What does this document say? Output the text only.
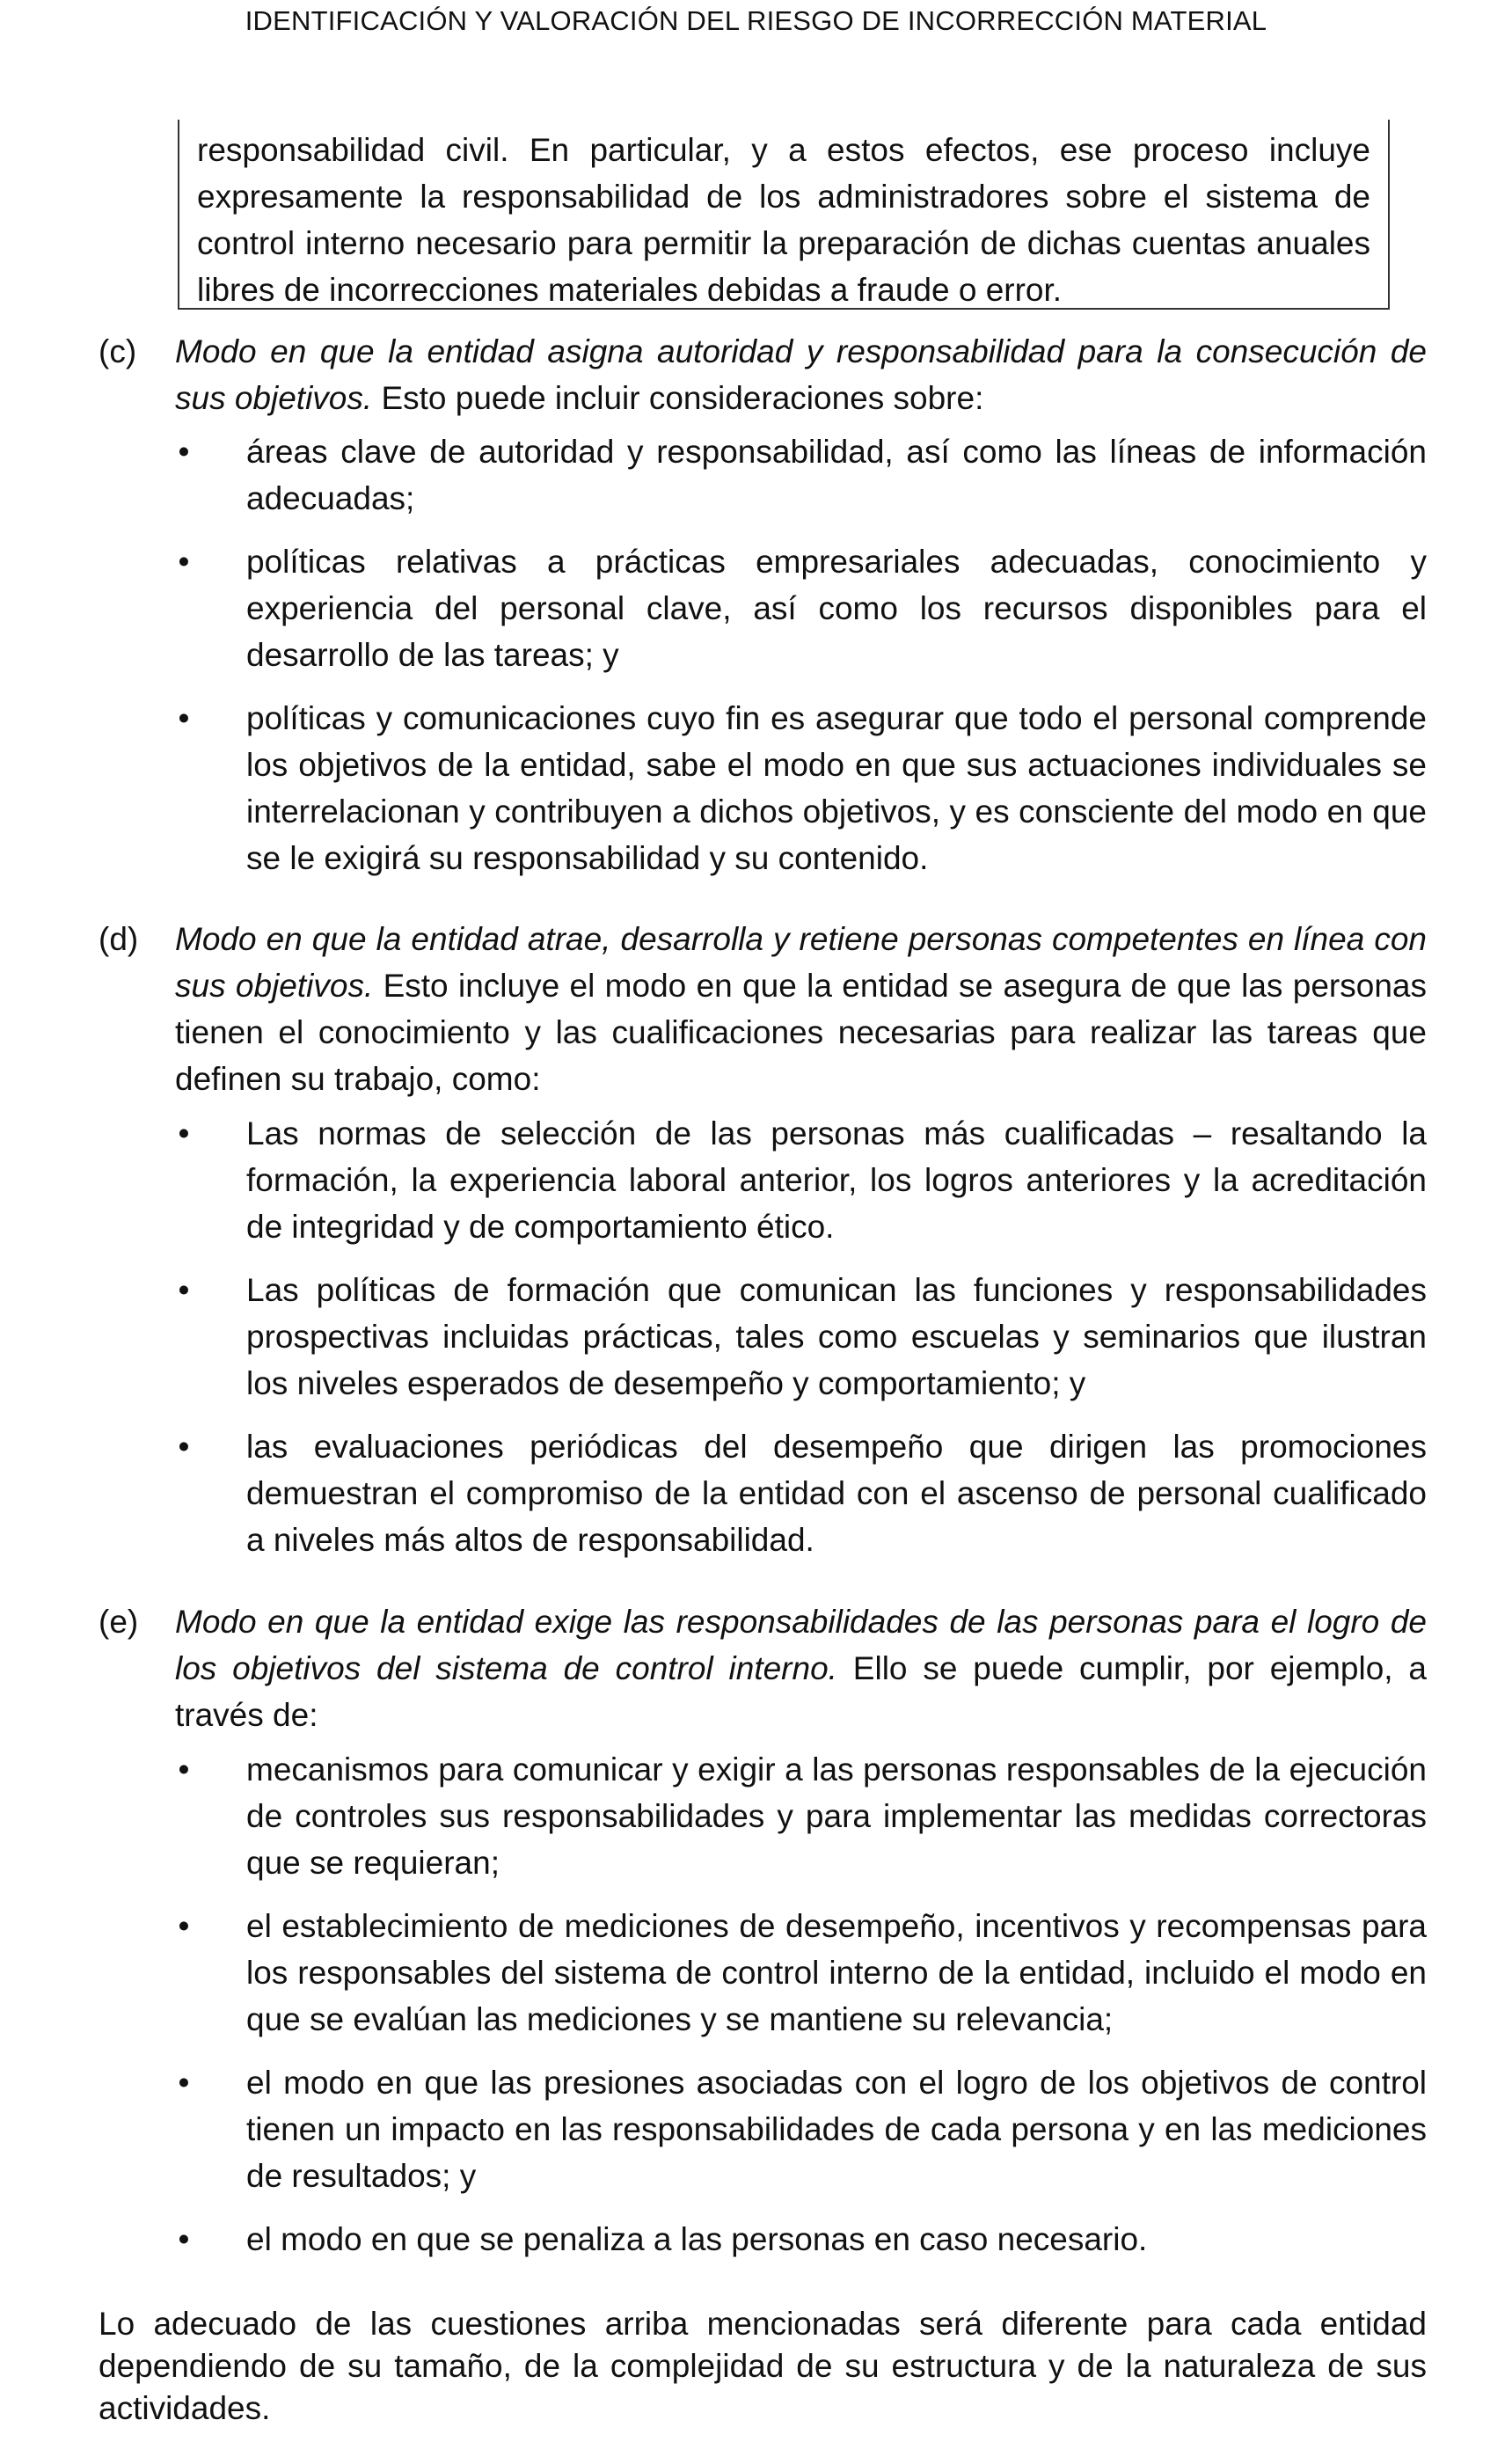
IDENTIFICACIÓN Y VALORACIÓN DEL RIESGO DE INCORRECCIÓN MATERIAL
responsabilidad civil. En particular, y a estos efectos, ese proceso incluye expresamente la responsabilidad de los administradores sobre el sistema de control interno necesario para permitir la preparación de dichas cuentas anuales libres de incorrecciones materiales debidas a fraude o error.
(c) Modo en que la entidad asigna autoridad y responsabilidad para la consecución de sus objetivos. Esto puede incluir consideraciones sobre:
• áreas clave de autoridad y responsabilidad, así como las líneas de información adecuadas;
• políticas relativas a prácticas empresariales adecuadas, conocimiento y experiencia del personal clave, así como los recursos disponibles para el desarrollo de las tareas; y
• políticas y comunicaciones cuyo fin es asegurar que todo el personal comprende los objetivos de la entidad, sabe el modo en que sus actuaciones individuales se interrelacionan y contribuyen a dichos objetivos, y es consciente del modo en que se le exigirá su responsabilidad y su contenido.
(d) Modo en que la entidad atrae, desarrolla y retiene personas competentes en línea con sus objetivos. Esto incluye el modo en que la entidad se asegura de que las personas tienen el conocimiento y las cualificaciones necesarias para realizar las tareas que definen su trabajo, como:
• Las normas de selección de las personas más cualificadas – resaltando la formación, la experiencia laboral anterior, los logros anteriores y la acreditación de integridad y de comportamiento ético.
• Las políticas de formación que comunican las funciones y responsabilidades prospectivas incluidas prácticas, tales como escuelas y seminarios que ilustran los niveles esperados de desempeño y comportamiento; y
• las evaluaciones periódicas del desempeño que dirigen las promociones demuestran el compromiso de la entidad con el ascenso de personal cualificado a niveles más altos de responsabilidad.
(e) Modo en que la entidad exige las responsabilidades de las personas para el logro de los objetivos del sistema de control interno. Ello se puede cumplir, por ejemplo, a través de:
• mecanismos para comunicar y exigir a las personas responsables de la ejecución de controles sus responsabilidades y para implementar las medidas correctoras que se requieran;
• el establecimiento de mediciones de desempeño, incentivos y recompensas para los responsables del sistema de control interno de la entidad, incluido el modo en que se evalúan las mediciones y se mantiene su relevancia;
• el modo en que las presiones asociadas con el logro de los objetivos de control tienen un impacto en las responsabilidades de cada persona y en las mediciones de resultados; y
• el modo en que se penaliza a las personas en caso necesario.
Lo adecuado de las cuestiones arriba mencionadas será diferente para cada entidad dependiendo de su tamaño, de la complejidad de su estructura y de la naturaleza de sus actividades.
